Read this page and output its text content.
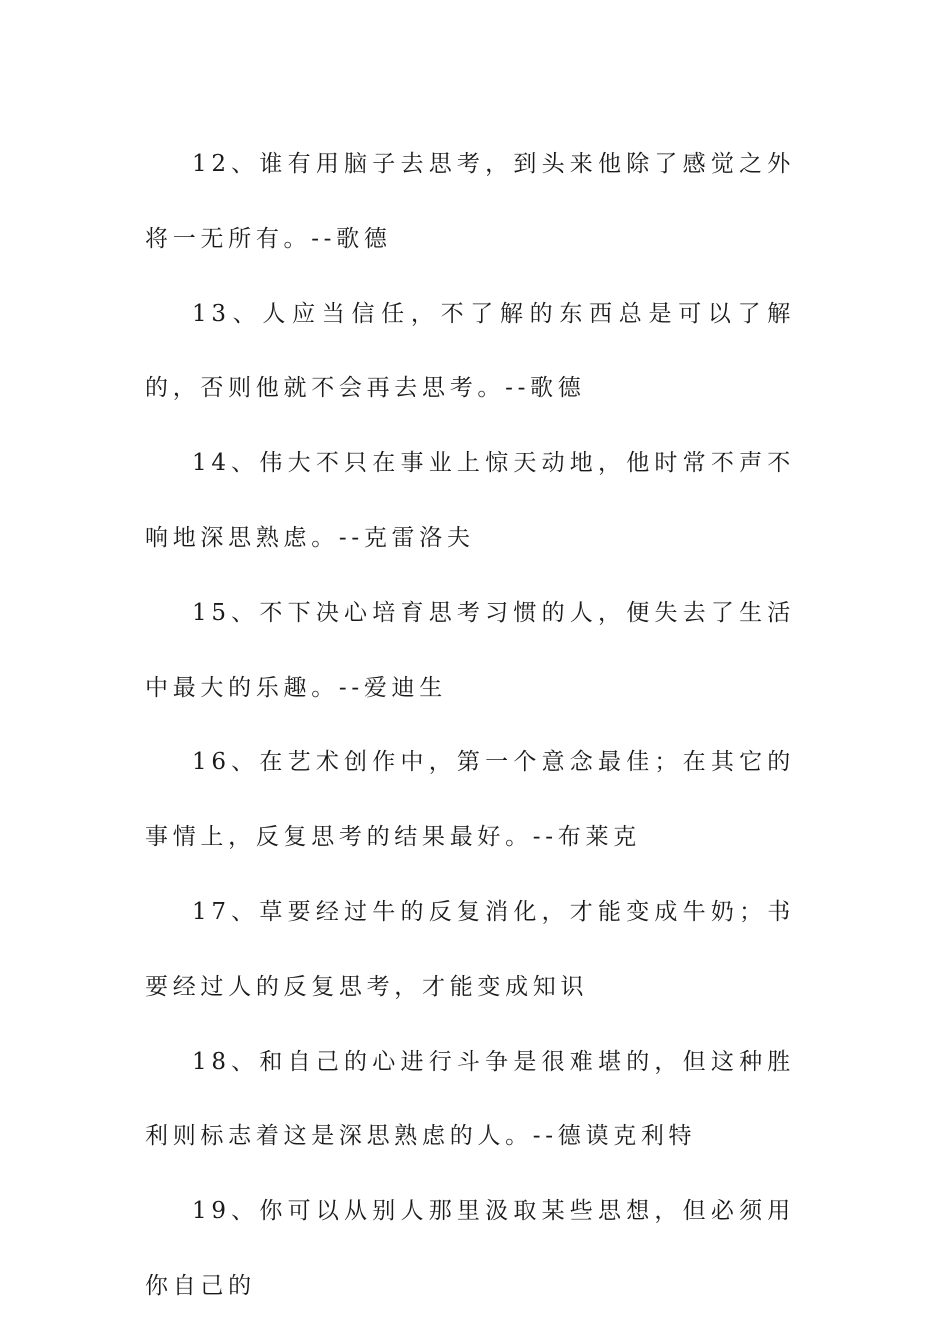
12、谁有用脑子去思考，到头来他除了感觉之外将一无所有。--歌德

13、人应当信任，不了解的东西总是可以了解的，否则他就不会再去思考。--歌德

14、伟大不只在事业上惊天动地，他时常不声不响地深思熟虑。--克雷洛夫

15、不下决心培育思考习惯的人，便失去了生活中最大的乐趣。--爱迪生

16、在艺术创作中，第一个意念最佳；在其它的事情上，反复思考的结果最好。--布莱克

17、草要经过牛的反复消化，才能变成牛奶；书要经过人的反复思考，才能变成知识

18、和自己的心进行斗争是很难堪的，但这种胜利则标志着这是深思熟虑的人。--德谟克利特

19、你可以从别人那里汲取某些思想，但必须用你自己的
